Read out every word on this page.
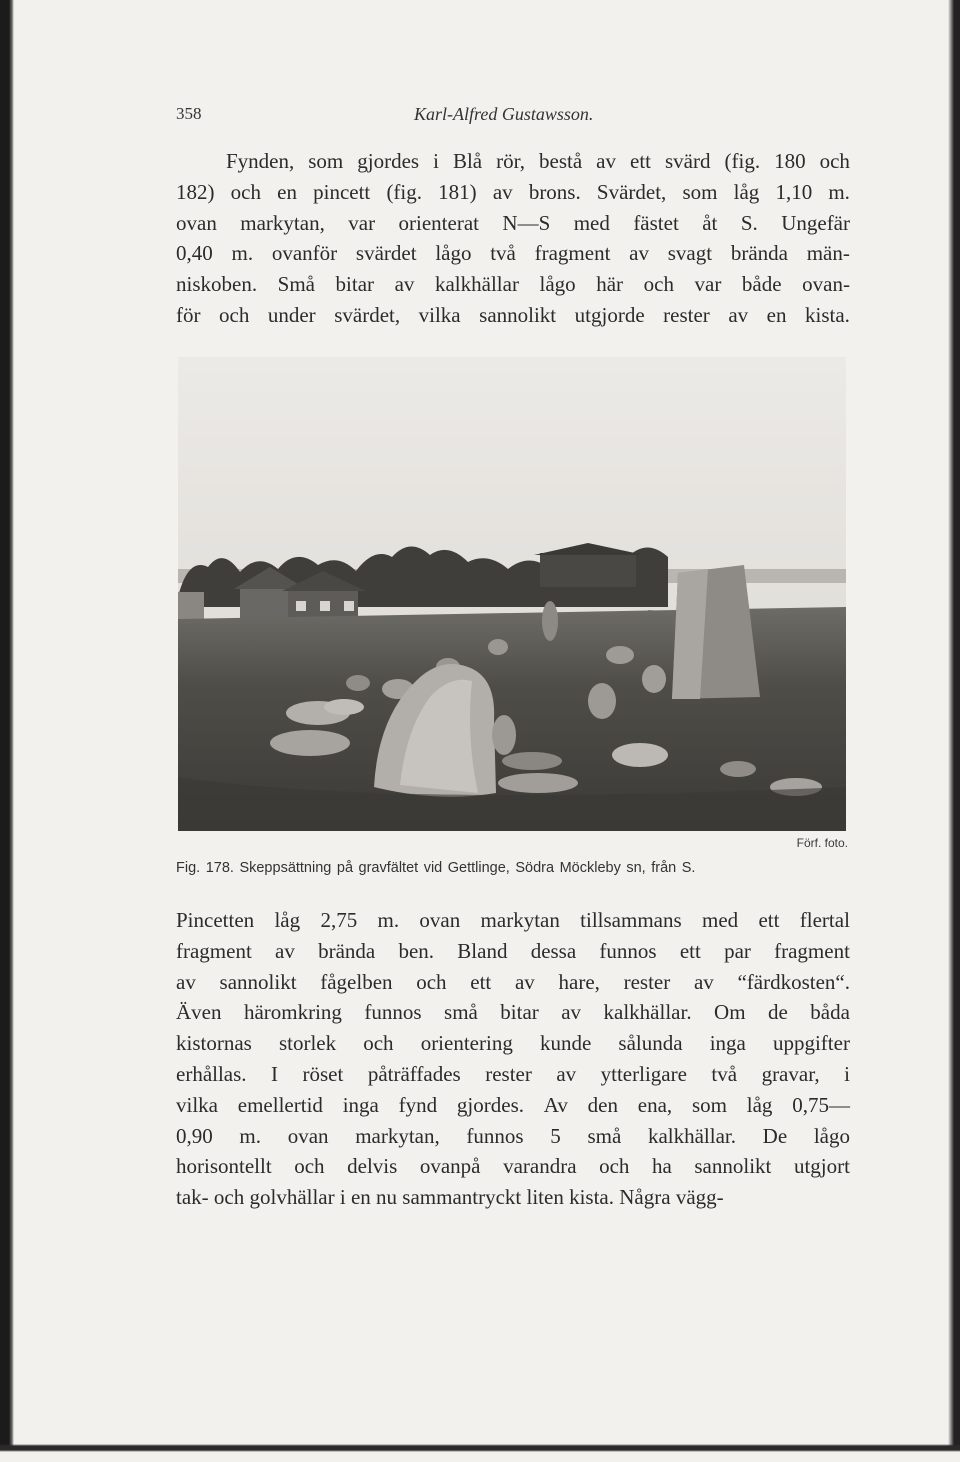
358	Karl-Alfred Gustawsson.
Fynden, som gjordes i Blå rör, bestå av ett svärd (fig. 180 och
182) och en pincett (fig. 181) av brons. Svärdet, som låg 1,10 m.
ovan markytan, var orienterat N—S med fästet åt S. Ungefär
0,40 m. ovanför svärdet lågo två fragment av svagt brända män-
niskoben. Små bitar av kalkhällar lågo här och var både ovan-
för och under svärdet, vilka sannolikt utgjorde rester av en kista.
Förf. foto.
Fig. 178. Skeppsättning på gravfältet vid Gettlinge, Södra Möckleby sn, från S.
Pincetten låg 2,75 m. ovan markytan tillsammans med ett flertal
fragment av brända ben. Bland dessa funnos ett par fragment
av sannolikt fågelben och ett av hare, rester av “färdkosten“.
Även häromkring funnos små bitar av kalkhällar. Om de båda
kistornas storlek och orientering kunde sålunda inga uppgifter
erhållas. I röset påträffades rester av ytterligare två gravar, i
vilka emellertid inga fynd gjordes. Av den ena, som låg 0,75—
0,90 m. ovan markytan, funnos 5 små kalkhällar. De lågo
horisontellt och delvis ovanpå varandra och ha sannolikt utgjort
tak-
och
golvhällar
i
en
nu
sammantryckt
liten
kista.
Några
vägg-
